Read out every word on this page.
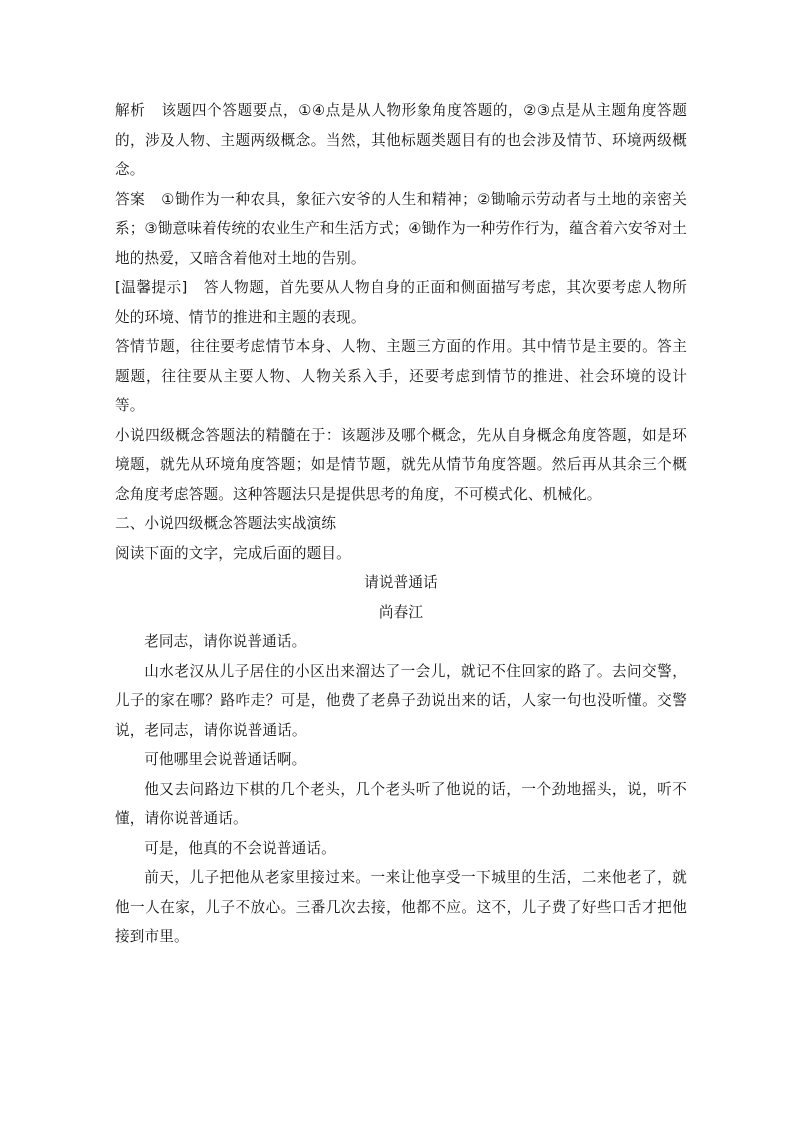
解析 该题四个答题要点，①④点是从人物形象角度答题的，②③点是从主题角度答题的，涉及人物、主题两级概念。当然，其他标题类题目有的也会涉及情节、环境两级概念。

答案 ①锄作为一种农具，象征六安爷的人生和精神；②锄喻示劳动者与土地的亲密关系；③锄意味着传统的农业生产和生活方式；④锄作为一种劳作行为，蕴含着六安爷对土地的热爱，又暗含着他对土地的告别。

[温馨提示] 答人物题，首先要从人物自身的正面和侧面描写考虑，其次要考虑人物所处的环境、情节的推进和主题的表现。

答情节题，往往要考虑情节本身、人物、主题三方面的作用。其中情节是主要的。答主题题，往往要从主要人物、人物关系入手，还要考虑到情节的推进、社会环境的设计等。

小说四级概念答题法的精髓在于：该题涉及哪个概念，先从自身概念角度答题，如是环境题，就先从环境角度答题；如是情节题，就先从情节角度答题。然后再从其余三个概念角度考虑答题。这种答题法只是提供思考的角度，不可模式化、机械化。

二、小说四级概念答题法实战演练

阅读下面的文字，完成后面的题目。

请说普通话

尚春江

老同志，请你说普通话。

山水老汉从儿子居住的小区出来溜达了一会儿，就记不住回家的路了。去问交警，儿子的家在哪？路咋走？可是，他费了老鼻子劲说出来的话，人家一句也没听懂。交警说，老同志，请你说普通话。

可他哪里会说普通话啊。

他又去问路边下棋的几个老头，几个老头听了他说的话，一个劲地摇头，说，听不懂，请你说普通话。

可是，他真的不会说普通话。

前天，儿子把他从老家里接过来。一来让他享受一下城里的生活，二来他老了，就他一人在家，儿子不放心。三番几次去接，他都不应。这不，儿子费了好些口舌才把他接到市里。
